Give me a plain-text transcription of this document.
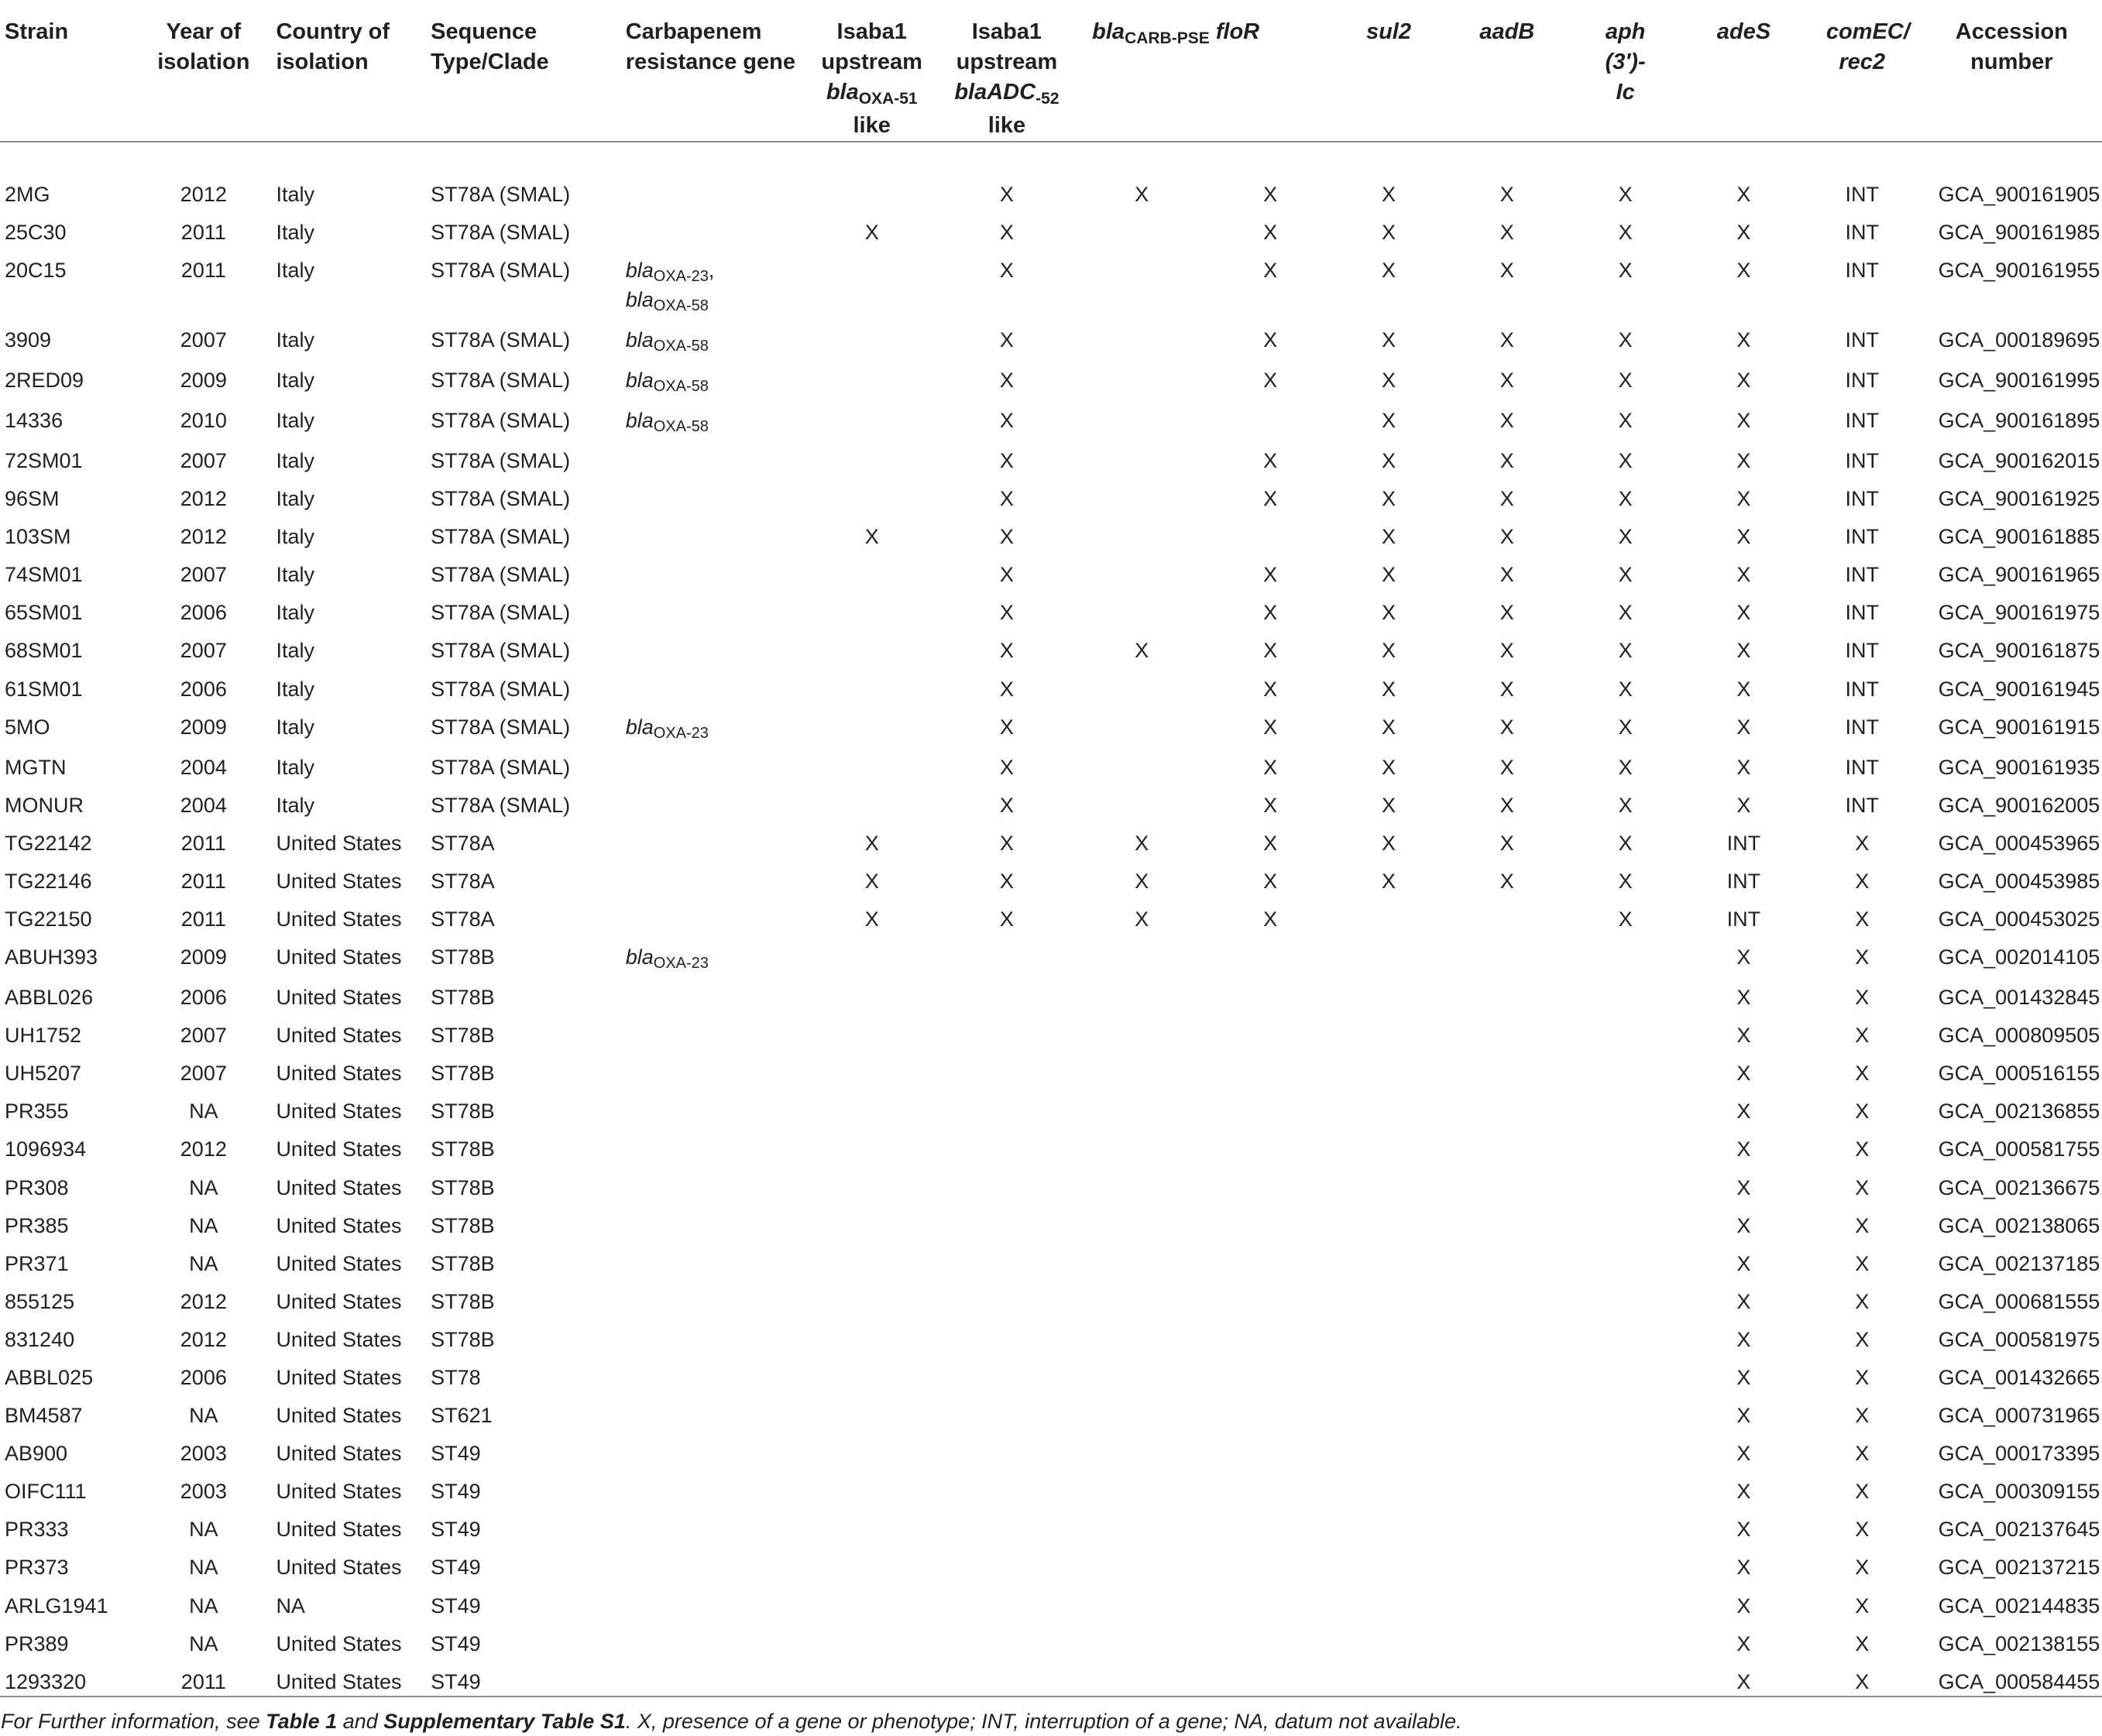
Strain	Year of isolation	Country of isolation	Sequence Type/Clade	Carbapenem resistance gene	Isaba1 upstream
bla$_{OXA-51}$
like	Isaba1 upstream
blaADC$_{-52}$
like	bla$_{CARB-PSE}$	floR	sul2	aadB	aph (3′)-Ic	adeS	comEC/ rec2	Accession number
2MG	2012	Italy	ST78A (SMAL)			X	X	X	X	X	X	X	INT	GCA_900161905
25C30	2011	Italy	ST78A (SMAL)		X	X		X	X	X	X	X	INT	GCA_900161985
20C15	2011	Italy	ST78A (SMAL)	bla$_{OXA-23}$,
bla$_{OXA-58}$		X		X	X	X	X	X	INT	GCA_900161955
3909	2007	Italy	ST78A (SMAL)	bla$_{OXA-58}$		X		X	X	X	X	X	INT	GCA_000189695
2RED09	2009	Italy	ST78A (SMAL)	bla$_{OXA-58}$		X		X	X	X	X	X	INT	GCA_900161995
14336	2010	Italy	ST78A (SMAL)	bla$_{OXA-58}$		X			X	X	X	X	INT	GCA_900161895
72SM01	2007	Italy	ST78A (SMAL)			X		X	X	X	X	X	INT	GCA_900162015
96SM	2012	Italy	ST78A (SMAL)			X		X	X	X	X	X	INT	GCA_900161925
103SM	2012	Italy	ST78A (SMAL)		X	X			X	X	X	X	INT	GCA_900161885
74SM01	2007	Italy	ST78A (SMAL)			X		X	X	X	X	X	INT	GCA_900161965
65SM01	2006	Italy	ST78A (SMAL)			X		X	X	X	X	X	INT	GCA_900161975
68SM01	2007	Italy	ST78A (SMAL)			X	X	X	X	X	X	X	INT	GCA_900161875
61SM01	2006	Italy	ST78A (SMAL)			X		X	X	X	X	X	INT	GCA_900161945
5MO	2009	Italy	ST78A (SMAL)	bla$_{OXA-23}$		X		X	X	X	X	X	INT	GCA_900161915
MGTN	2004	Italy	ST78A (SMAL)			X		X	X	X	X	X	INT	GCA_900161935
MONUR	2004	Italy	ST78A (SMAL)			X		X	X	X	X	X	INT	GCA_900162005
TG22142	2011	United States	ST78A		X	X	X	X	X	X	X	INT	X	GCA_000453965
TG22146	2011	United States	ST78A		X	X	X	X	X	X	X	INT	X	GCA_000453985
TG22150	2011	United States	ST78A		X	X	X	X			X	INT	X	GCA_000453025
ABUH393	2009	United States	ST78B	bla$_{OXA-23}$								X	X	GCA_002014105
ABBL026	2006	United States	ST78B									X	X	GCA_001432845
UH1752	2007	United States	ST78B									X	X	GCA_000809505
UH5207	2007	United States	ST78B									X	X	GCA_000516155
PR355	NA	United States	ST78B									X	X	GCA_002136855
1096934	2012	United States	ST78B									X	X	GCA_000581755
PR308	NA	United States	ST78B									X	X	GCA_002136675
PR385	NA	United States	ST78B									X	X	GCA_002138065
PR371	NA	United States	ST78B									X	X	GCA_002137185
855125	2012	United States	ST78B									X	X	GCA_000681555
831240	2012	United States	ST78B									X	X	GCA_000581975
ABBL025	2006	United States	ST78									X	X	GCA_001432665
BM4587	NA	United States	ST621									X	X	GCA_000731965
AB900	2003	United States	ST49									X	X	GCA_000173395
OIFC111	2003	United States	ST49									X	X	GCA_000309155
PR333	NA	United States	ST49									X	X	GCA_002137645
PR373	NA	United States	ST49									X	X	GCA_002137215
ARLG1941	NA	NA	ST49									X	X	GCA_002144835
PR389	NA	United States	ST49									X	X	GCA_002138155
1293320	2011	United States	ST49									X	X	GCA_000584455
For Further information, see Table 1 and Supplementary Table S1. X, presence of a gene or phenotype; INT, interruption of a gene; NA, datum not available.														
